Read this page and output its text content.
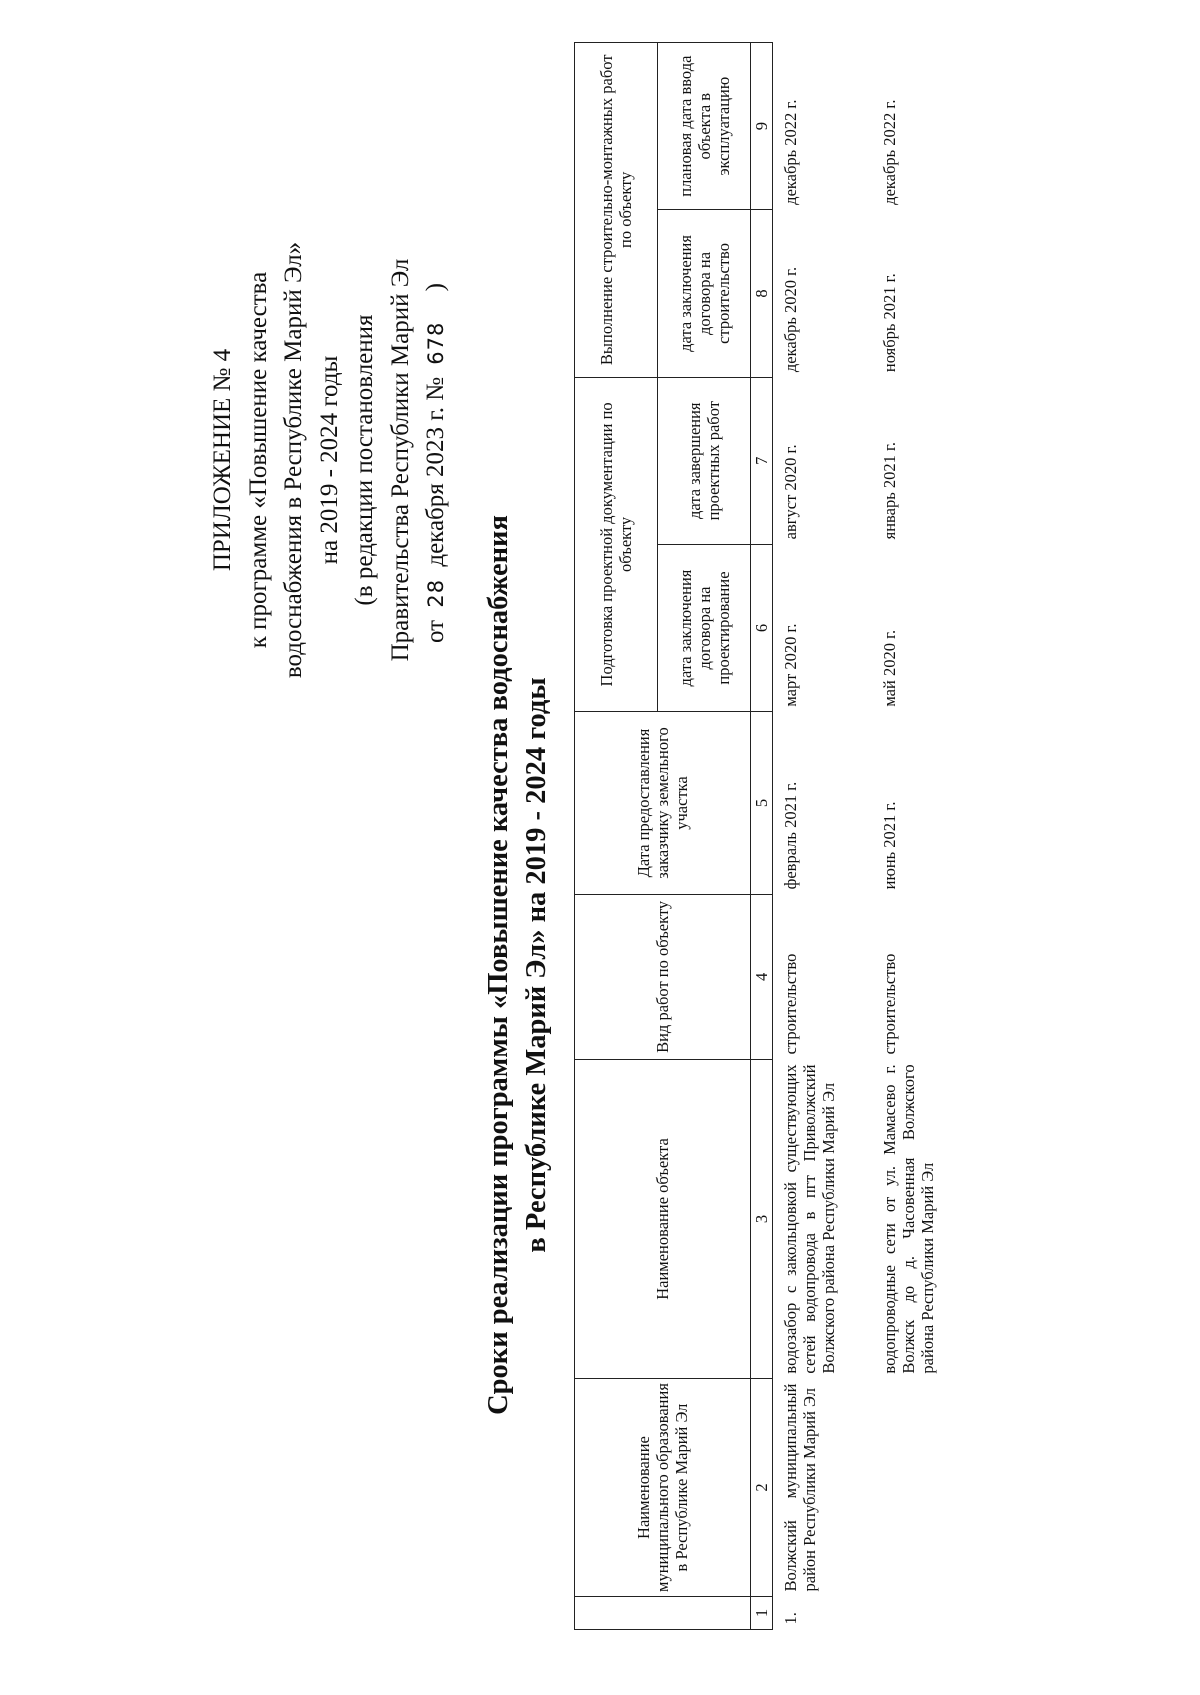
ПРИЛОЖЕНИЕ № 4 к программе «Повышение качества водоснабжения в Республике Марий Эл» на 2019 - 2024 годы (в редакции постановления Правительства Республики Марий Эл от 28 декабря 2023 г. № 678 )
Сроки реализации программы «Повышение качества водоснабжения в Республике Марий Эл» на 2019 - 2024 годы
	Наименование муниципального образования в Республике Марий Эл	Наименование объекта	Вид работ по объекту	Дата предоставления заказчику земельного участка	Подготовка проектной документации по объекту		Выполнение строительно-монтажных работ по объекту	
					дата заключения договора на проектирование	дата завершения проектных работ	дата заключения договора на строительство	плановая дата ввода объекта в эксплуатацию
1	2	3	4	5	6	7	8	9
1.	Волжский муниципальный район Республики Марий Эл	водозабор с закольцовкой существующих сетей водопровода в пгт Приволжский Волжского района Республики Марий Эл	строительство	февраль 2021 г.	март 2020 г.	август 2020 г.	декабрь 2020 г.	декабрь 2022 г.
		водопроводные сети от ул. Мамасево г. Волжск до д. Часовенная Волжского района Республики Марий Эл	строительство	июнь 2021 г.	май 2020 г.	январь 2021 г.	ноябрь 2021 г.	декабрь 2022 г.
